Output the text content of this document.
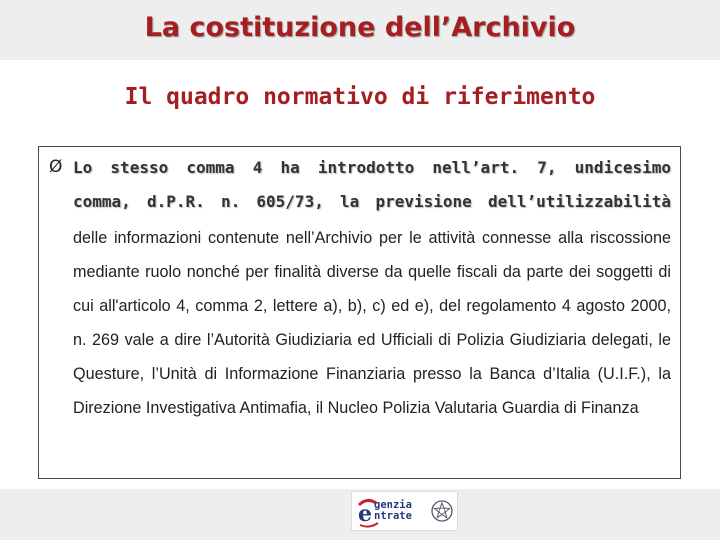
La costituzione dell’Archivio
Il quadro normativo di riferimento
Ø Lo stesso comma 4 ha introdotto nell’art. 7, undicesimo
comma, d.P.R. n. 605/73, la previsione dell’utilizzabilità
delle informazioni contenute nell’Archivio per le attività connesse alla riscossione mediante ruolo nonché per finalità diverse da quelle fiscali da parte dei soggetti di cui all'articolo 4, comma 2, lettere a), b), c) ed e), del regolamento 4 agosto 2000, n. 269 vale a dire l’Autorità Giudiziaria ed Ufficiali di Polizia Giudiziaria delegati, le Questure, l’Unità di Informazione Finanziaria presso la Banca d’Italia (U.I.F.), la Direzione Investigativa Antimafia, il Nucleo Polizia Valutaria Guardia di Finanza
e genzia
ntrate
